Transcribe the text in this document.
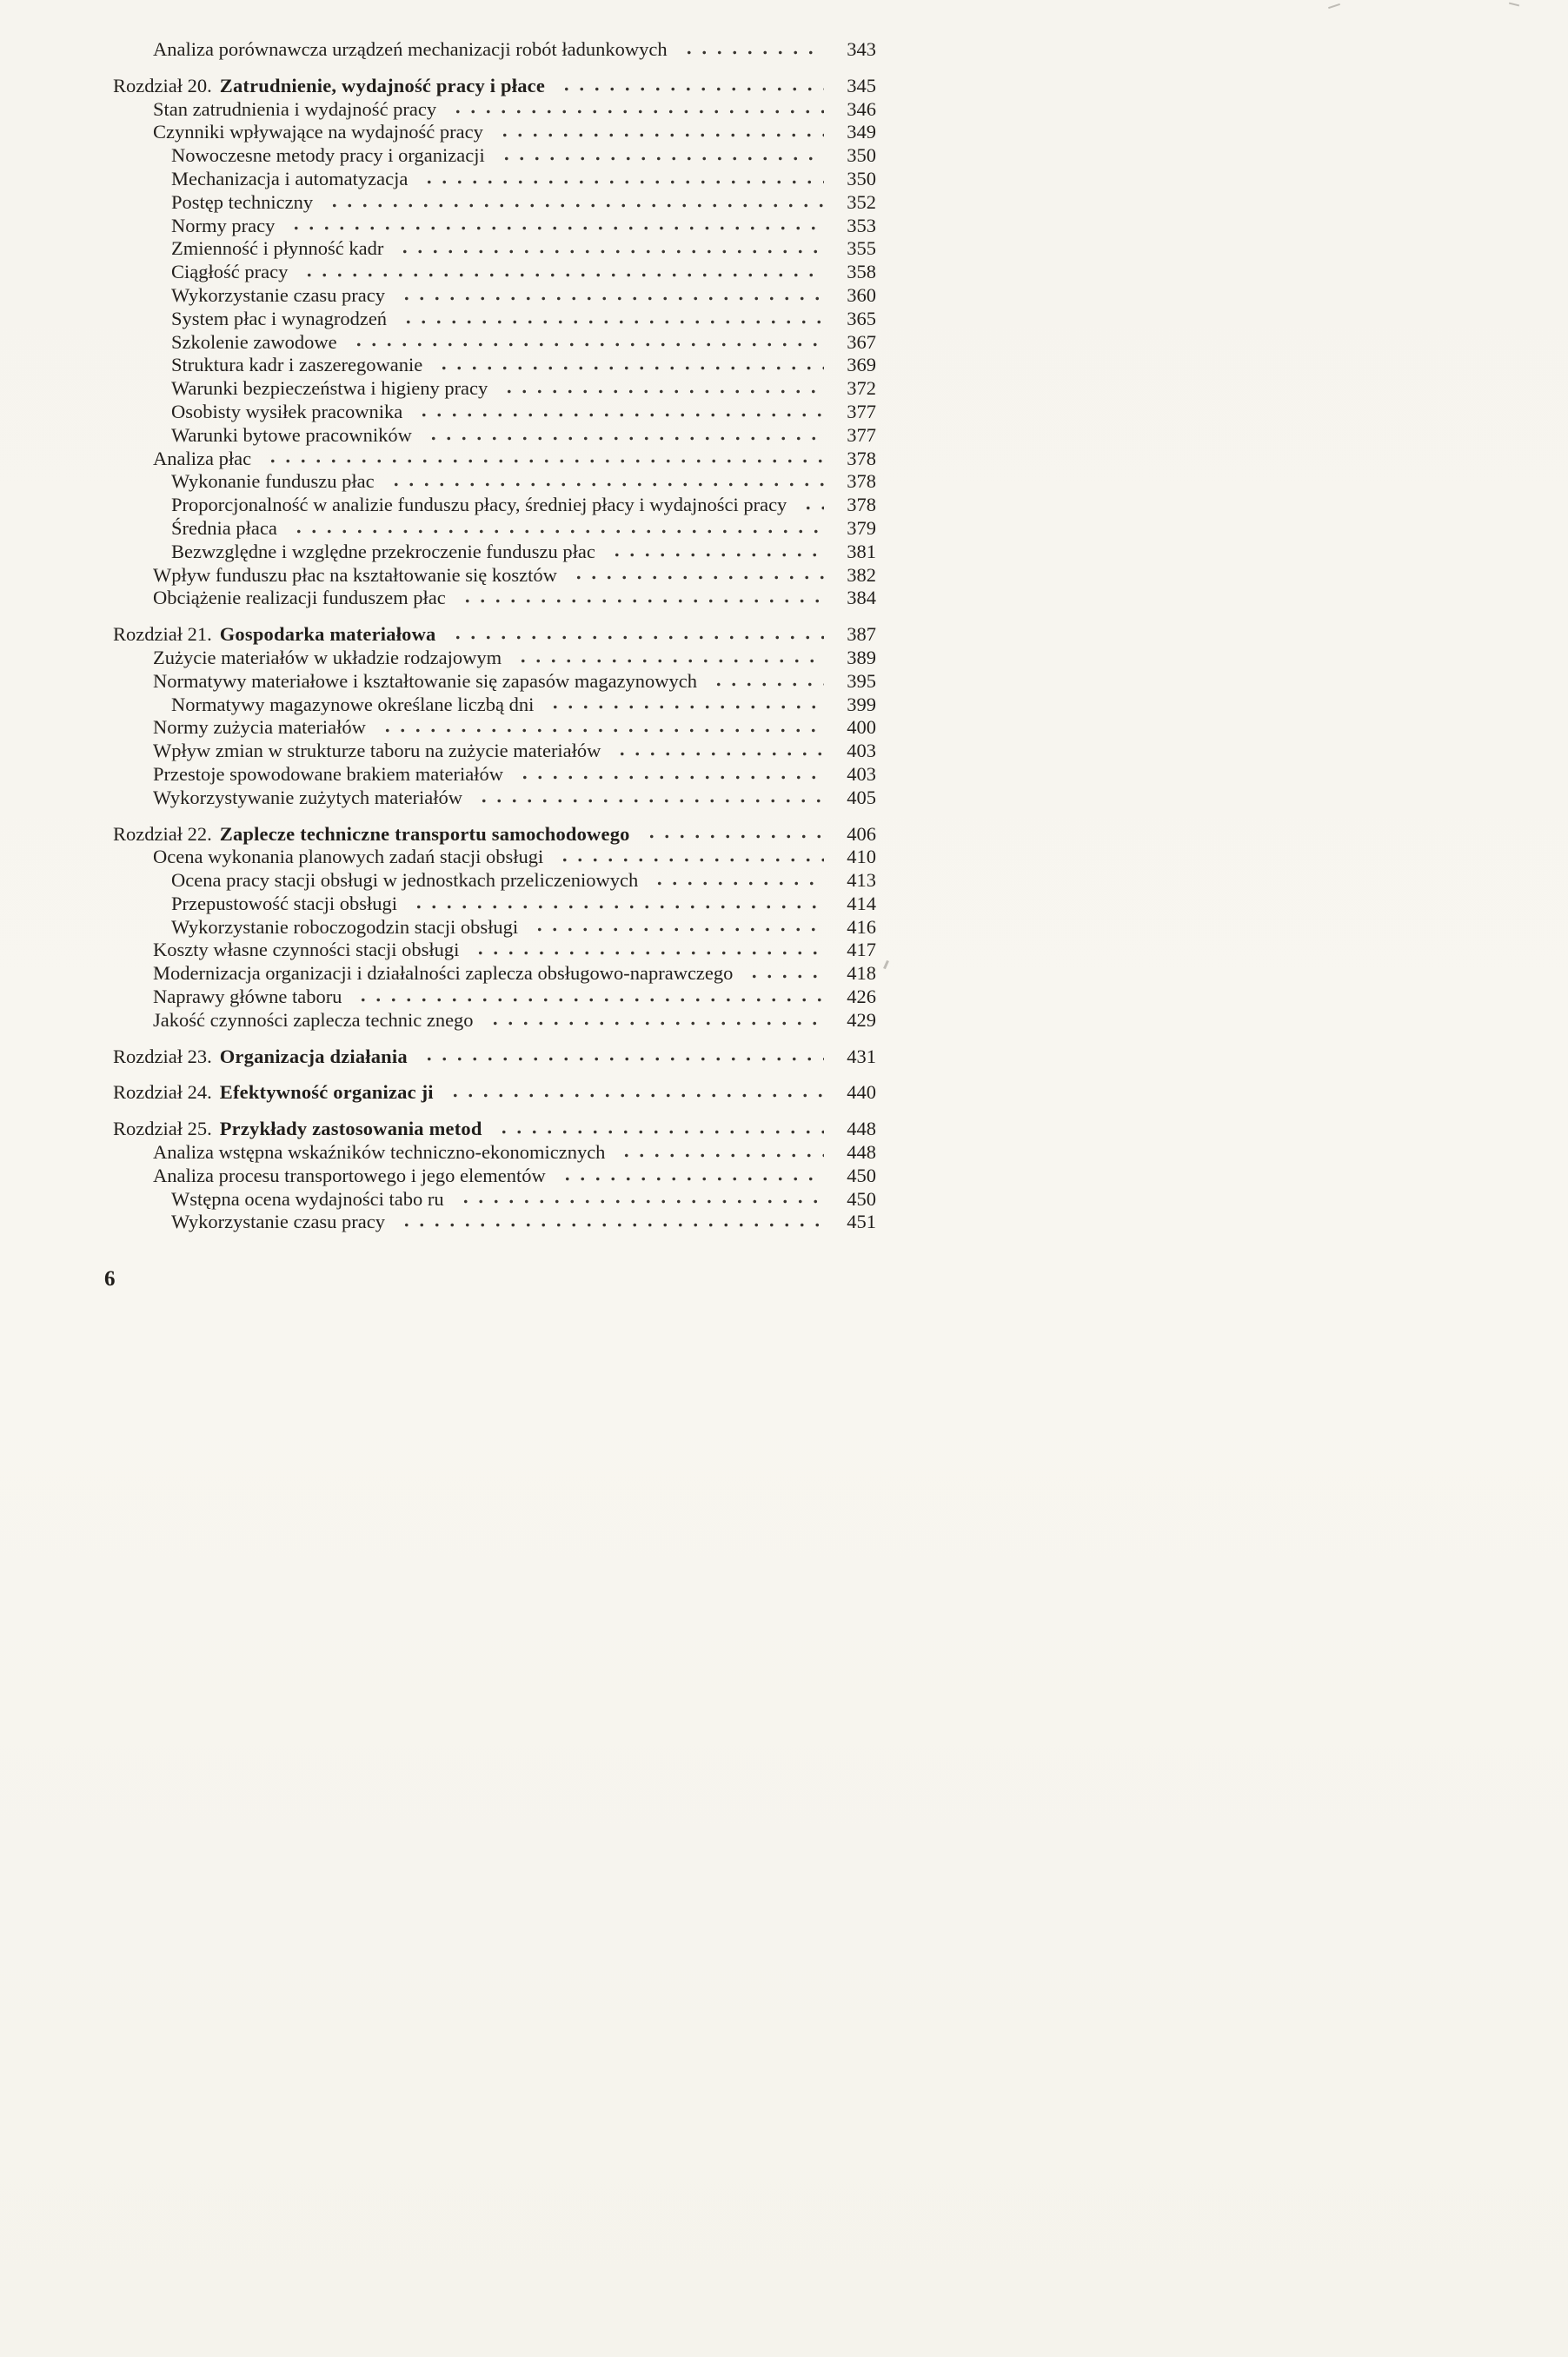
Analiza porównawcza urządzeń mechanizacji robót ładunkowych	343
Rozdział 20. Zatrudnienie, wydajność pracy i płace	345
Stan zatrudnienia i wydajność pracy	346
Czynniki wpływające na wydajność pracy	349
Nowoczesne metody pracy i organizacji	350
Mechanizacja i automatyzacja	350
Postęp techniczny	352
Normy pracy	353
Zmienność i płynność kadr	355
Ciągłość pracy	358
Wykorzystanie czasu pracy	360
System płac i wynagrodzeń	365
Szkolenie zawodowe	367
Struktura kadr i zaszeregowanie	369
Warunki bezpieczeństwa i higieny pracy	372
Osobisty wysiłek pracownika	377
Warunki bytowe pracowników	377
Analiza płac	378
Wykonanie funduszu płac	378
Proporcjonalność w analizie funduszu płacy, średniej płacy i wydajności pracy	378
Średnia płaca	379
Bezwzględne i względne przekroczenie funduszu płac	381
Wpływ funduszu płac na kształtowanie się kosztów	382
Obciążenie realizacji funduszem płac	384
Rozdział 21. Gospodarka materiałowa	387
Zużycie materiałów w układzie rodzajowym	389
Normatywy materiałowe i kształtowanie się zapasów magazynowych	395
Normatywy magazynowe określane liczbą dni	399
Normy zużycia materiałów	400
Wpływ zmian w strukturze taboru na zużycie materiałów	403
Przestoje spowodowane brakiem materiałów	403
Wykorzystywanie zużytych materiałów	405
Rozdział 22. Zaplecze techniczne transportu samochodowego	406
Ocena wykonania planowych zadań stacji obsługi	410
Ocena pracy stacji obsługi w jednostkach przeliczeniowych	413
Przepustowość stacji obsługi	414
Wykorzystanie roboczogodzin stacji obsługi	416
Koszty własne czynności stacji obsługi	417
Modernizacja organizacji i działalności zaplecza obsługowo-naprawczego	418
Naprawy główne taboru	426
Jakość czynności zaplecza technic znego	429
Rozdział 23. Organizacja działania	431
Rozdział 24. Efektywność organizac ji	440
Rozdział 25. Przykłady zastosowania metod	448
Analiza wstępna wskaźników techniczno-ekonomicznych	448
Analiza procesu transportowego i jego elementów	450
Wstępna ocena wydajności tabo ru	450
Wykorzystanie czasu pracy	451
6
